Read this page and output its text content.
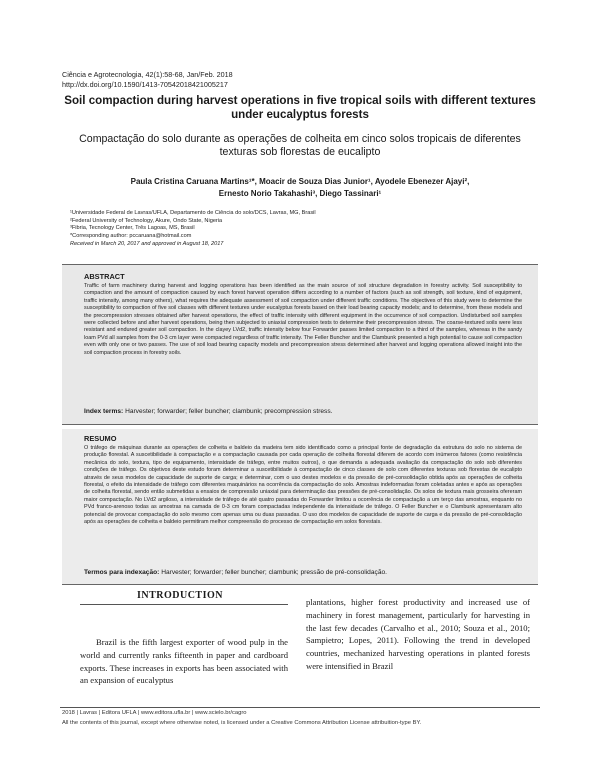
Ciência e Agrotecnologia, 42(1):58-68, Jan/Feb. 2018
http://dx.doi.org/10.1590/1413-70542018421005217
Soil compaction during harvest operations in five tropical soils with different textures under eucalyptus forests
Compactação do solo durante as operações de colheita em cinco solos tropicais de diferentes texturas sob florestas de eucalipto
Paula Cristina Caruana Martins¹*, Moacir de Souza Dias Junior¹, Ayodele Ebenezer Ajayi²,
Ernesto Norio Takahashi³, Diego Tassinari¹
¹Universidade Federal de Lavras/UFLA, Departamento de Ciência do solo/DCS, Lavras, MG, Brasil
²Federal University of Technology, Akure, Ondo State, Nigeria
³Fibria, Tecnology Center, Três Lagoas, MS, Brasil
*Corresponding author: pccaruana@hotmail.com
Received in March 20, 2017 and approved in August 18, 2017
ABSTRACT
Traffic of farm machinery during harvest and logging operations has been identified as the main source of soil structure degradation in forestry activity. Soil susceptibility to compaction and the amount of compaction caused by each forest harvest operation differs according to a number of factors (such as soil strength, soil texture, kind of equipment, traffic intensity, among many others), what requires the adequate assessment of soil compaction under different traffic conditions. The objectives of this study were to determine the susceptibility to compaction of five soil classes with different textures under eucalyptus forests based on their load bearing capacity models; and to determine, from these models and the precompression stresses obtained after harvest operations, the effect of traffic intensity with different equipment in the occurrence of soil compaction. Undisturbed soil samples were collected before and after harvest operations, being then subjected to uniaxial compression tests to determine their precompression stress. The coarse-textured soils were less resistant and endured greater soil compaction. In the clayey LVd2, traffic intensity below four Forwarder passes limited compaction to a third of the samples, whereas in the sandy loam PVd all samples from the 0-3 cm layer were compacted regardless of traffic intensity. The Feller Buncher and the Clambunk presented a high potential to cause soil compaction even with only one or two passes. The use of soil load bearing capacity models and precompression stress determined after harvest and logging operations allowed insight into the soil compaction process in forestry soils.
Index terms: Harvester; forwarder; feller buncher; clambunk; precompression stress.
RESUMO
O tráfego de máquinas durante as operações de colheita e baldeio da madeira tem sido identificado como a principal fonte de degradação da estrutura do solo no sistema de produção florestal. A suscetibilidade à compactação e a compactação causada por cada operação de colheita florestal diferem de acordo com inúmeros fatores (como resistência mecânica do solo, textura, tipo de equipamento, intensidade de tráfego, entre muitos outros), o que demanda a adequada avaliação da compactação do solo sob diferentes condições de tráfego. Os objetivos deste estudo foram determinar a suscetibilidade à compactação de cinco classes de solo com diferentes texturas sob florestas de eucalipto através de seus modelos de capacidade de suporte de carga; e determinar, com o uso destes modelos e da pressão de pré-consolidação obtida após as operações de colheita florestal, o efeito da intensidade de tráfego com diferentes maquinários na ocorrência da compactação do solo. Amostras indeformadas foram coletadas antes e após as operações de colheita florestal, sendo então submetidas a ensaios de compressão uniaxial para determinação das pressões de pré-consolidação. Os solos de textura mais grosseira ofereram maior compactação. No LVd2 argiloso, a intensidade de tráfego de até quatro passadas do Forwarder limitou a ocorrência de compactação a um terço das amostras, enquanto no PVd franco-arenoso todas as amostras na camada de 0-3 cm foram compactadas independente da intensidade de tráfego. O Feller Buncher e o Clambunk apresentaram alto potencial de provocar compactação do solo mesmo com apenas uma ou duas passadas. O uso dos modelos de capacidade de suporte de carga e da pressão de pré-consolidação após as operações de colheita e baldeio permitiram melhor compreensão do processo de compactação em solos florestais.
Termos para indexação: Harvester; forwarder; feller buncher; clambunk; pressão de pré-consolidação.
INTRODUCTION
Brazil is the fifth largest exporter of wood pulp in the world and currently ranks fifteenth in paper and cardboard exports. These increases in exports has been associated with an expansion of eucalyptus
plantations, higher forest productivity and increased use of machinery in forest management, particularly for harvesting in the last few decades (Carvalho et al., 2010; Souza et al., 2010; Sampietro; Lopes, 2011). Following the trend in developed countries, mechanized harvesting operations in planted forests were intensified in Brazil
2018 | Lavras | Editora UFLA | www.editora.ufla.br | www.scielo.br/cagro
All the contents of this journal, except where otherwise noted, is licensed under a Creative Commons Attribution License attribuition-type BY.
